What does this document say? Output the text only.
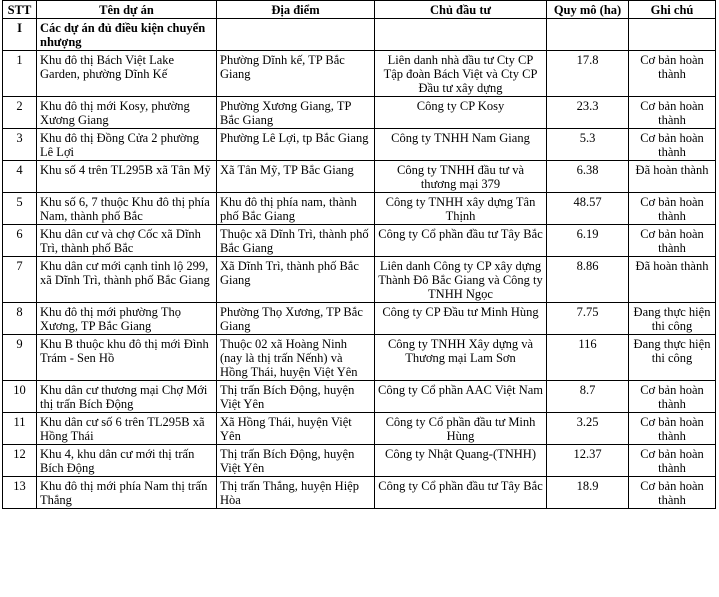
STT	Tên dự án	Địa điểm	Chủ đầu tư	Quy mô (ha)	Ghi chú
I	Các dự án đủ điều kiện chuyển nhượng				
1	Khu đô thị Bách Việt Lake Garden, phường Dĩnh Kế	Phường Dĩnh kế, TP Bắc Giang	Liên danh nhà đầu tư Cty CP Tập đoàn Bách Việt và Cty CP Đầu tư xây dựng	17.8	Cơ bản hoàn thành
2	Khu đô thị mới Kosy, phường Xương Giang	Phường Xương Giang, TP Bắc Giang	Công ty CP Kosy	23.3	Cơ bản hoàn thành
3	Khu đô thị Đồng Cửa 2 phường Lê Lợi	Phường Lê Lợi, tp Bắc Giang	Công ty TNHH Nam Giang	5.3	Cơ bản hoàn thành
4	Khu số 4 trên TL295B xã Tân Mỹ	Xã Tân Mỹ, TP Bắc Giang	Công ty TNHH đầu tư và thương mại 379	6.38	Đã hoàn thành
5	Khu số 6, 7 thuộc Khu đô thị phía Nam, thành phố Bắc	Khu đô thị phía nam, thành phố Bắc Giang	Công ty TNHH xây dựng Tân Thịnh	48.57	Cơ bản hoàn thành
6	Khu dân cư và chợ Cốc xã Dĩnh Trì, thành phố Bắc	Thuộc xã Dĩnh Trì, thành phố Bắc Giang	Công ty Cổ phần đầu tư Tây Bắc	6.19	Cơ bản hoàn thành
7	Khu dân cư mới cạnh tỉnh lộ 299, xã Dĩnh Trì, thành phố Bắc Giang	Xã Dĩnh Trì, thành phố Bắc Giang	Liên danh Công ty CP xây dựng Thành Đô Bắc Giang và Công ty TNHH Ngọc	8.86	Đã hoàn thành
8	Khu đô thị mới phường Thọ Xương, TP Bắc Giang	Phường Thọ Xương, TP Bắc Giang	Công ty CP Đầu tư Minh Hùng	7.75	Đang thực hiện thi công
9	Khu B thuộc khu đô thị mới Đình Trám - Sen Hồ	Thuộc 02 xã Hoàng Ninh (nay là thị trấn Nếnh) và Hồng Thái, huyện Việt Yên	Công ty TNHH Xây dựng và Thương mại Lam Sơn	116	Đang thực hiện thi công
10	Khu dân cư thương mại Chợ Mới thị trấn Bích Động	Thị trấn Bích Động, huyện Việt Yên	Công ty Cổ phần AAC Việt Nam	8.7	Cơ bản hoàn thành
11	Khu dân cư số 6 trên TL295B xã Hồng Thái	Xã Hồng Thái, huyện Việt Yên	Công ty Cổ phần đầu tư Minh Hùng	3.25	Cơ bản hoàn thành
12	Khu 4, khu dân cư mới thị trấn Bích Động	Thị trấn Bích Động, huyện Việt Yên	Công ty Nhật Quang-(TNHH)	12.37	Cơ bản hoàn thành
13	Khu đô thị mới phía Nam thị trấn Thắng	Thị trấn Thắng, huyện Hiệp Hòa	Công ty Cổ phần đầu tư Tây Bắc	18.9	Cơ bản hoàn thành
